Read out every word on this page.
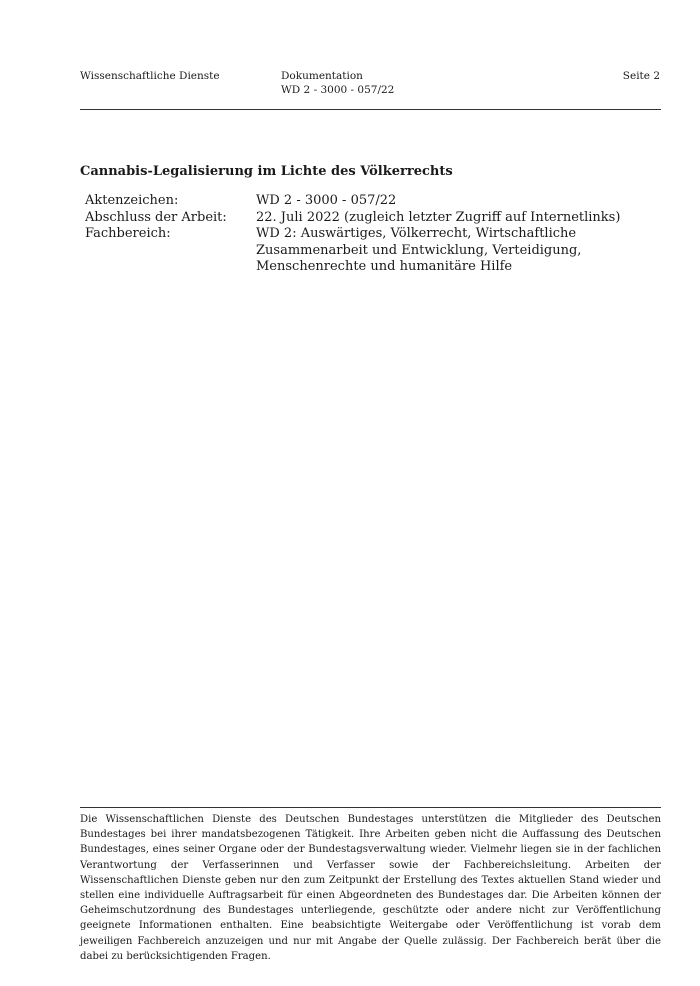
Wissenschaftliche Dienste	Dokumentation
WD 2 - 3000 - 057/22
Seite 2
Cannabis-Legalisierung im Lichte des Völkerrechts
Aktenzeichen:	WD 2 - 3000 - 057/22
Abschluss der Arbeit:	22. Juli 2022 (zugleich letzter Zugriff auf Internetlinks)
Fachbereich:	WD 2: Auswärtiges, Völkerrecht, Wirtschaftliche Zusammenarbeit und Entwicklung, Verteidigung, Menschenrechte und humanitäre Hilfe
Die Wissenschaftlichen Dienste des Deutschen Bundestages unterstützen die Mitglieder des Deutschen Bundestages bei ihrer mandatsbezogenen Tätigkeit. Ihre Arbeiten geben nicht die Auffassung des Deutschen Bundestages, eines seiner Organe oder der Bundestagsverwaltung wieder. Vielmehr liegen sie in der fachlichen Verantwortung der Verfasserinnen und Verfasser sowie der Fachbereichsleitung. Arbeiten der Wissenschaftlichen Dienste geben nur den zum Zeitpunkt der Erstellung des Textes aktuellen Stand wieder und stellen eine individuelle Auftragsarbeit für einen Abgeordneten des Bundestages dar. Die Arbeiten können der Geheimschutzordnung des Bundestages unterliegende, geschützte oder andere nicht zur Veröffentlichung geeignete Informationen enthalten. Eine beabsichtigte Weitergabe oder Veröffentlichung ist vorab dem jeweiligen Fachbereich anzuzeigen und nur mit Angabe der Quelle zulässig. Der Fachbereich berät über die dabei zu berücksichtigenden Fragen.
